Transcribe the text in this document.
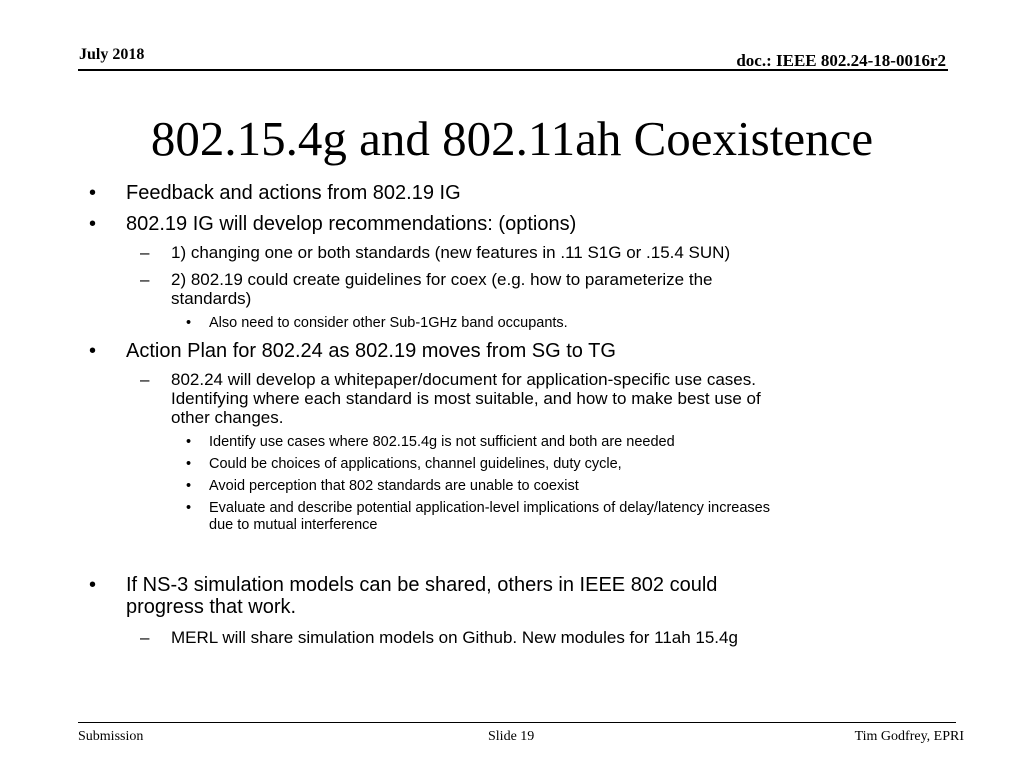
July 2018	doc.: IEEE 802.24-18-0016r2
802.15.4g and 802.11ah Coexistence
• Feedback and actions from 802.19 IG

• 802.19 IG will develop recommendations: (options)

– 1) changing one or both standards (new features in .11 S1G or .15.4 SUN)

– 2) 802.19 could create guidelines for coex (e.g. how to parameterize the
standards)

• Also need to consider other Sub-1GHz band occupants.

• Action Plan for 802.24 as 802.19 moves from SG to TG

– 802.24 will develop a whitepaper/document for application-specific use cases.
Identifying where each standard is most suitable, and how to make best use of
other changes.

• Identify use cases where 802.15.4g is not sufficient and both are needed

• Could be choices of applications, channel guidelines, duty cycle,

• Avoid perception that 802 standards are unable to coexist

• Evaluate and describe potential application-level implications of delay/latency increases
due to mutual interference

• If NS-3 simulation models can be shared, others in IEEE 802 could
progress that work.

– MERL will share simulation models on Github. New modules for 11ah 15.4g

Submission	Slide 19	Tim Godfrey, EPRI
